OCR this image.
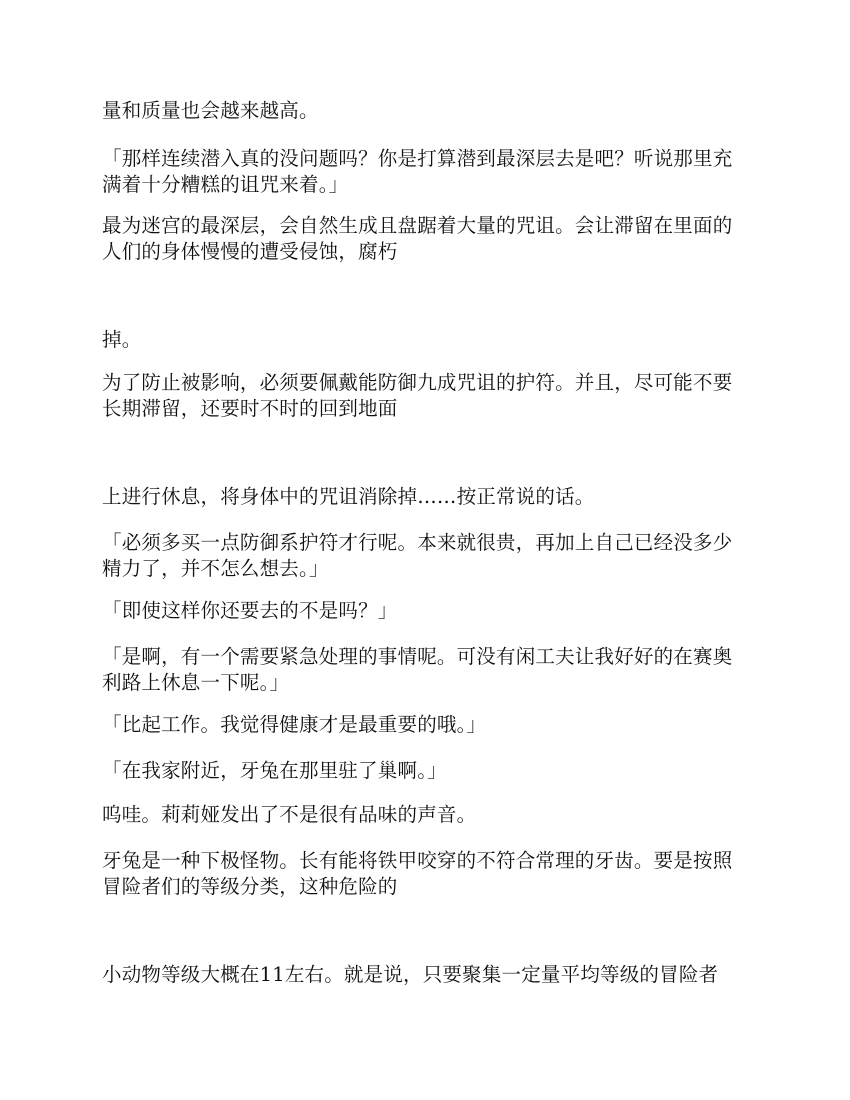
量和质量也会越来越高。

「那样连续潜入真的没问题吗？你是打算潜到最深层去是吧？听说那里充满着十分糟糕的诅咒来着。」

最为迷宫的最深层，会自然生成且盘踞着大量的咒诅。会让滞留在里面的人们的身体慢慢的遭受侵蚀，腐朽

掉。

为了防止被影响，必须要佩戴能防御九成咒诅的护符。并且，尽可能不要长期滞留，还要时不时的回到地面

上进行休息，将身体中的咒诅消除掉……按正常说的话。

「必须多买一点防御系护符才行呢。本来就很贵，再加上自己已经没多少精力了，并不怎么想去。」

「即使这样你还要去的不是吗？」

「是啊，有一个需要紧急处理的事情呢。可没有闲工夫让我好好的在赛奥利路上休息一下呢。」

「比起工作。我觉得健康才是最重要的哦。」

「在我家附近，牙兔在那里驻了巢啊。」

呜哇。莉莉娅发出了不是很有品味的声音。

牙兔是一种下极怪物。长有能将铁甲咬穿的不符合常理的牙齿。要是按照冒险者们的等级分类，这种危险的

小动物等级大概在11左右。就是说，只要聚集一定量平均等级的冒险者
